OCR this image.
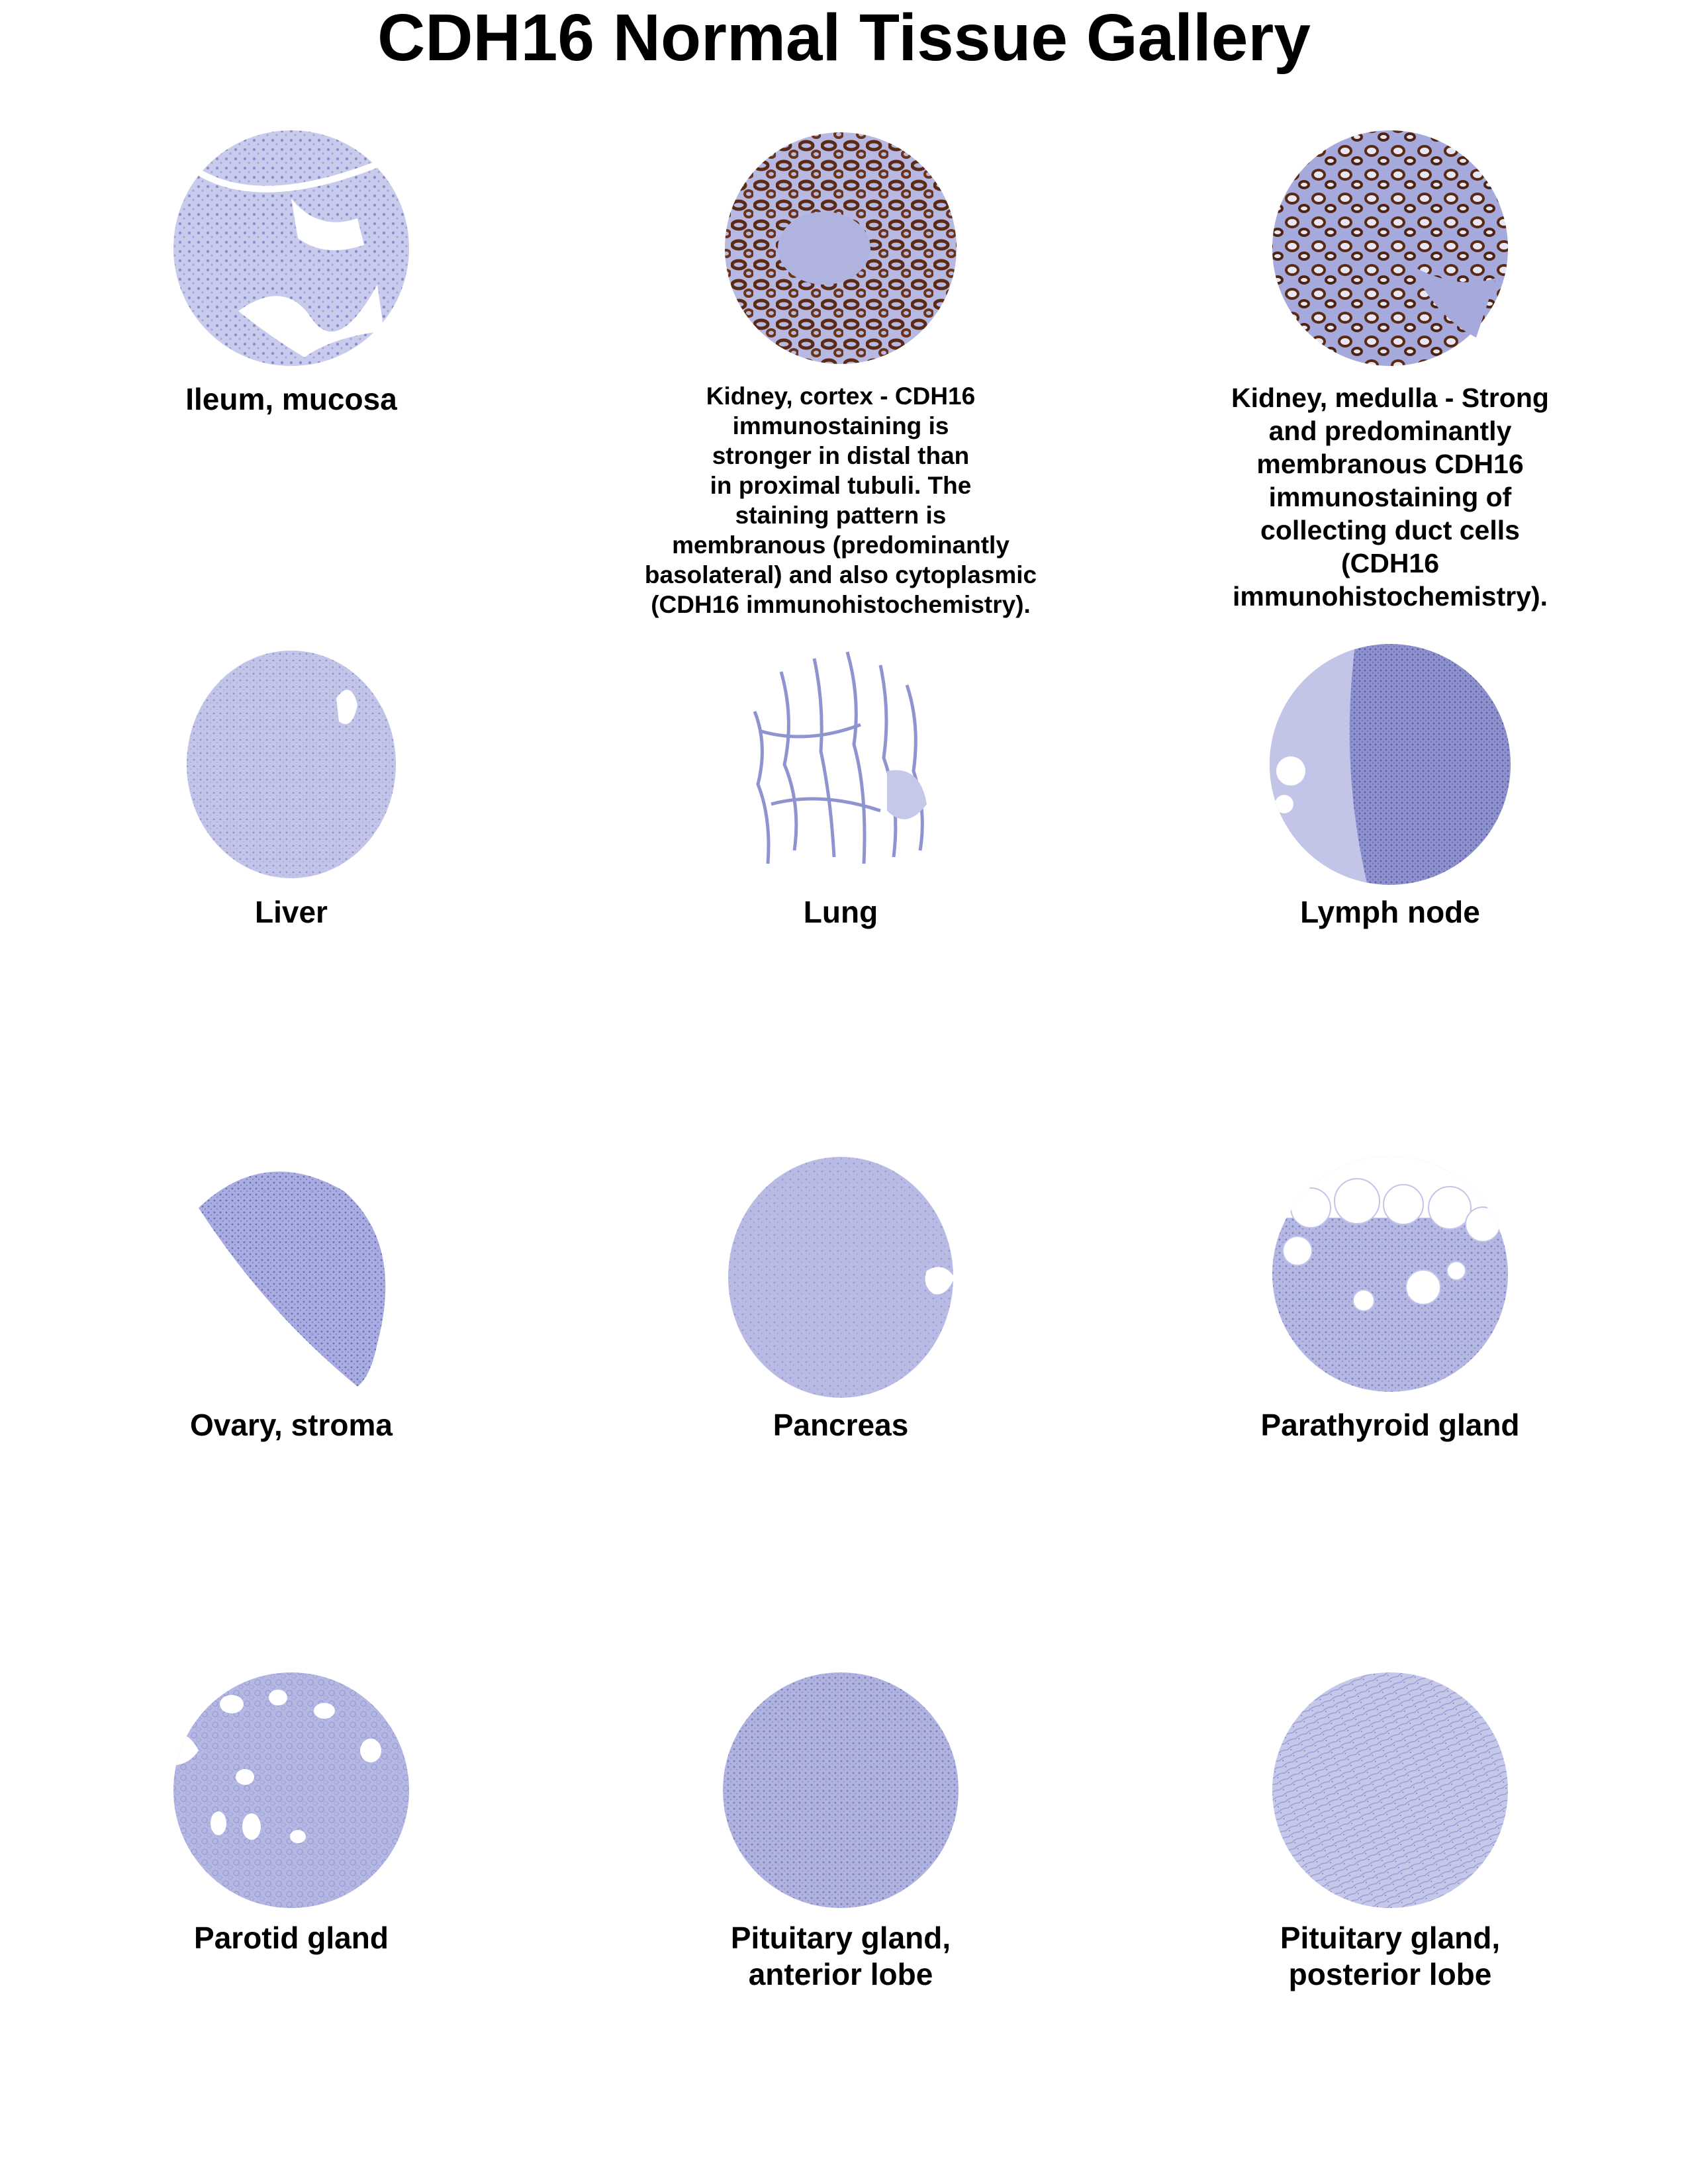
CDH16 Normal Tissue Gallery
Ileum, mucosa	Kidney, cortex - CDH16
immunostaining is
stronger in distal than
in proximal tubuli. The
staining pattern is
membranous (predominantly
basolateral) and also cytoplasmic
(CDH16 immunohistochemistry).
Kidney, medulla - Strong
and predominantly
membranous CDH16
immunostaining of
collecting duct cells
(CDH16
immunohistochemistry).
Liver	Lung	Lymph node
Ovary, stroma	Pancreas	Parathyroid gland
Parotid gland	Pituitary gland,
anterior lobe
Pituitary gland,
posterior lobe
